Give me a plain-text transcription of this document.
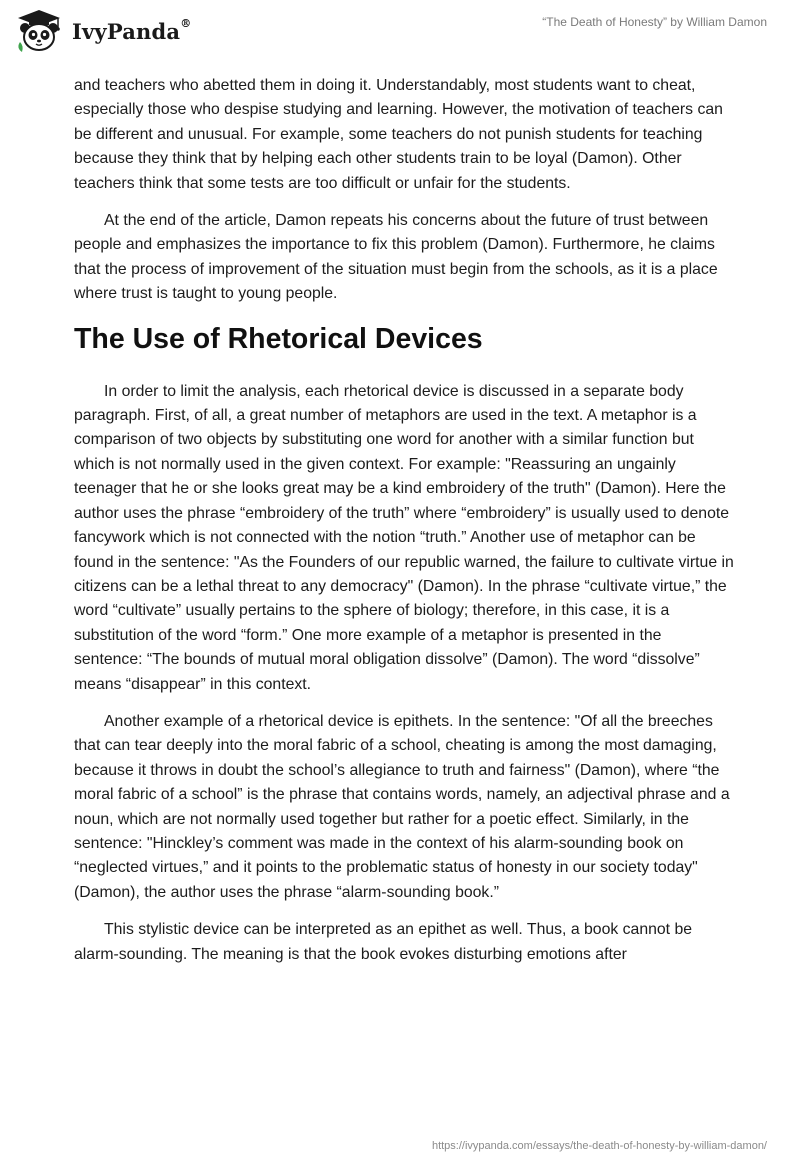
IvyPanda®	“The Death of Honesty” by William Damon

and teachers who abetted them in doing it. Understandably, most students want to cheat, especially those who despise studying and learning. However, the motivation of teachers can be different and unusual. For example, some teachers do not punish students for teaching because they think that by helping each other students train to be loyal (Damon). Other teachers think that some tests are too difficult or unfair for the students.

At the end of the article, Damon repeats his concerns about the future of trust between people and emphasizes the importance to fix this problem (Damon). Furthermore, he claims that the process of improvement of the situation must begin from the schools, as it is a place where trust is taught to young people.

The Use of Rhetorical Devices

In order to limit the analysis, each rhetorical device is discussed in a separate body paragraph. First, of all, a great number of metaphors are used in the text. A metaphor is a comparison of two objects by substituting one word for another with a similar function but which is not normally used in the given context. For example: "Reassuring an ungainly teenager that he or she looks great may be a kind embroidery of the truth" (Damon). Here the author uses the phrase “embroidery of the truth” where “embroidery” is usually used to denote fancywork which is not connected with the notion “truth.” Another use of metaphor can be found in the sentence: "As the Founders of our republic warned, the failure to cultivate virtue in citizens can be a lethal threat to any democracy" (Damon). In the phrase “cultivate virtue,” the word “cultivate” usually pertains to the sphere of biology; therefore, in this case, it is a substitution of the word “form.” One more example of a metaphor is presented in the sentence: “The bounds of mutual moral obligation dissolve” (Damon). The word “dissolve” means “disappear” in this context.

Another example of a rhetorical device is epithets. In the sentence: "Of all the breeches that can tear deeply into the moral fabric of a school, cheating is among the most damaging, because it throws in doubt the school’s allegiance to truth and fairness" (Damon), where “the moral fabric of a school” is the phrase that contains words, namely, an adjectival phrase and a noun, which are not normally used together but rather for a poetic effect. Similarly, in the sentence: "Hinckley’s comment was made in the context of his alarm-sounding book on “neglected virtues,” and it points to the problematic status of honesty in our society today" (Damon), the author uses the phrase “alarm-sounding book.”

This stylistic device can be interpreted as an epithet as well. Thus, a book cannot be alarm-sounding. The meaning is that the book evokes disturbing emotions after

https://ivypanda.com/essays/the-death-of-honesty-by-william-damon/
